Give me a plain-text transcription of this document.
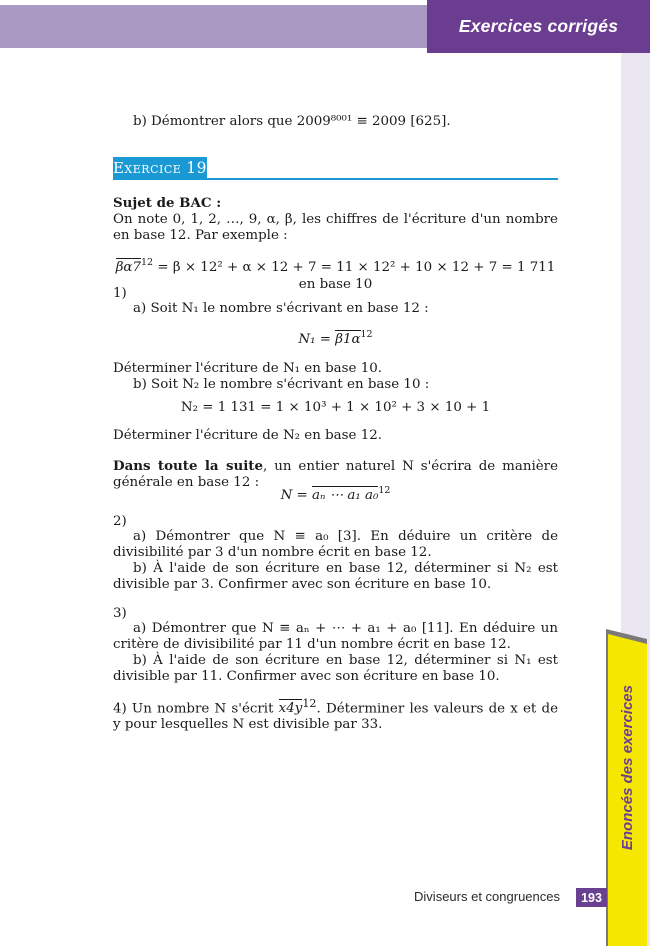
Exercices corrigés
b) Démontrer alors que 2009⁸⁰⁰¹ ≡ 2009 [625].
Exercice 19
Sujet de BAC :
On note 0, 1, 2, …, 9, α, β, les chiffres de l'écriture d'un nombre en base 12. Par exemple :
$\beta\alpha 7^{12} = \beta \times 12^2 + \alpha \times 12 + 7 = 11 \times 12^2 + 10 \times 12 + 7 = 1$ 711 en base 10
1)
a) Soit N₁ le nombre s'écrivant en base 12 :
$N_1 = \beta 1\alpha^{12}$
Déterminer l'écriture de N₁ en base 10.
b) Soit N₂ le nombre s'écrivant en base 10 :
N₂ = 1 131 = 1 × 10³ + 1 × 10² + 3 × 10 + 1
Déterminer l'écriture de N₂ en base 12.
Dans toute la suite, un entier naturel N s'écrira de manière générale en base 12 :
N = aₙ ⋯ a₁ a₀$^{12}$
2)
a) Démontrer que N ≡ a₀ [3]. En déduire un critère de divisibilité par 3 d'un nombre écrit en base 12.
b) À l'aide de son écriture en base 12, déterminer si N₂ est divisible par 3. Confirmer avec son écriture en base 10.
3)
a) Démontrer que N ≡ aₙ + ⋯ + a₁ + a₀ [11]. En déduire un critère de divisibilité par 11 d'un nombre écrit en base 12.
b) À l'aide de son écriture en base 12, déterminer si N₁ est divisible par 11. Confirmer avec son écriture en base 10.
4) Un nombre N s'écrit $x4y^{12}$. Déterminer les valeurs de x et de y pour lesquelles N est divisible par 33.	Enoncés des exercices
Diviseurs et congruences	193
